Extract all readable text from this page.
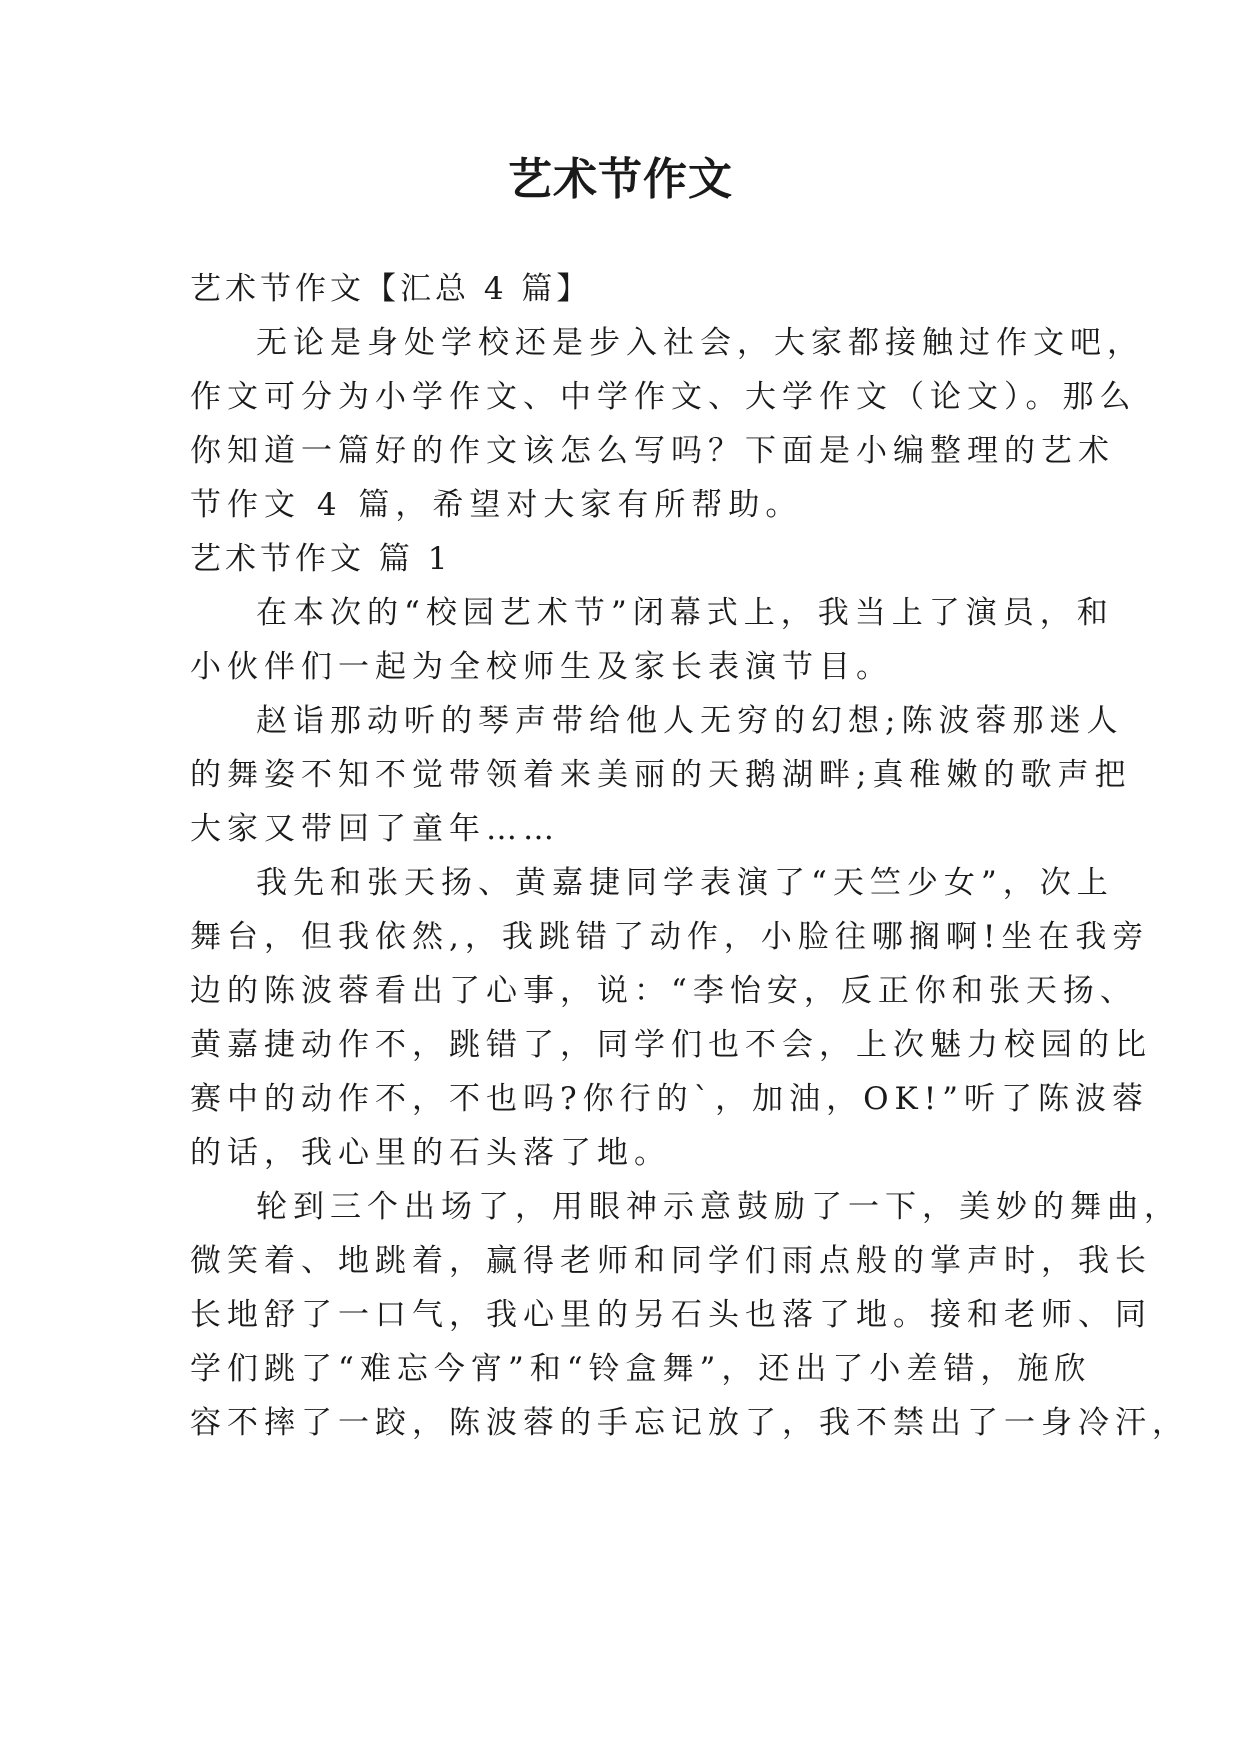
艺术节作文
艺术节作文【汇总 4 篇】
无论是身处学校还是步入社会，大家都接触过作文吧，
作文可分为小学作文、中学作文、大学作文（论文）。那么
你知道一篇好的作文该怎么写吗？下面是小编整理的艺术
节作文 4 篇，希望对大家有所帮助。
艺术节作文 篇 1
在本次的“校园艺术节”闭幕式上，我当上了演员，和
小伙伴们一起为全校师生及家长表演节目。
赵诣那动听的琴声带给他人无穷的幻想;陈波蓉那迷人
的舞姿不知不觉带领着来美丽的天鹅湖畔;真稚嫩的歌声把
大家又带回了童年……
我先和张天扬、黄嘉捷同学表演了“天竺少女”，次上
舞台，但我依然,，我跳错了动作，小脸往哪搁啊!坐在我旁
边的陈波蓉看出了心事，说：“李怡安，反正你和张天扬、
黄嘉捷动作不，跳错了，同学们也不会，上次魅力校园的比
赛中的动作不，不也吗?你行的`，加油，OK!”听了陈波蓉
的话，我心里的石头落了地。
轮到三个出场了，用眼神示意鼓励了一下，美妙的舞曲，
微笑着、地跳着，赢得老师和同学们雨点般的掌声时，我长
长地舒了一口气，我心里的另石头也落了地。接和老师、同
学们跳了“难忘今宵”和“铃盒舞”，还出了小差错，施欣
容不摔了一跤，陈波蓉的手忘记放了，我不禁出了一身冷汗，
